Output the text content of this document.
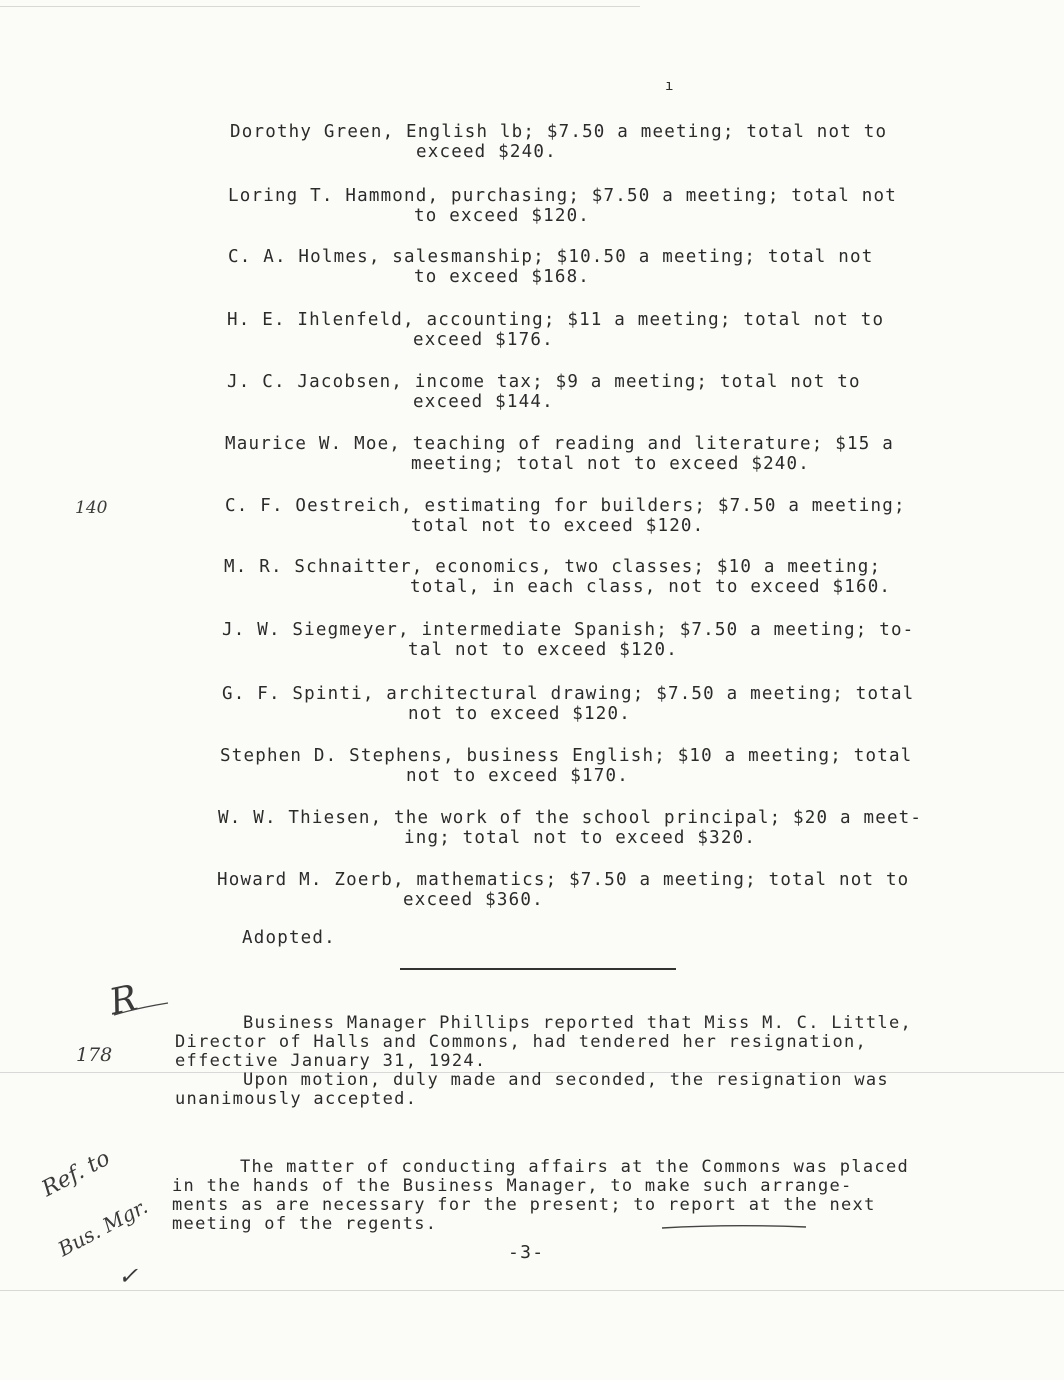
ı
Dorothy Green, English lb; $7.50 a meeting; total not to
exceed $240.
Loring T. Hammond, purchasing; $7.50 a meeting; total not
to exceed $120.
C. A. Holmes, salesmanship; $10.50 a meeting; total not
to exceed $168.
H. E. Ihlenfeld, accounting; $11 a meeting; total not to
exceed $176.
J. C. Jacobsen, income tax; $9 a meeting; total not to
exceed $144.
Maurice W. Moe, teaching of reading and literature; $15 a
meeting; total not to exceed $240.
C. F. Oestreich, estimating for builders; $7.50 a meeting;
total not to exceed $120.
M. R. Schnaitter, economics, two classes; $10 a meeting;
total, in each class, not to exceed $160.
J. W. Siegmeyer, intermediate Spanish; $7.50 a meeting; to-
tal not to exceed $120.
G. F. Spinti, architectural drawing; $7.50 a meeting; total
not to exceed $120.
Stephen D. Stephens, business English; $10 a meeting; total
not to exceed $170.
W. W. Thiesen, the work of the school principal; $20 a meet-
ing; total not to exceed $320.
Howard M. Zoerb, mathematics; $7.50 a meeting; total not to
exceed $360.
Adopted.
Business Manager Phillips reported that Miss M. C. Little,
Director of Halls and Commons, had tendered her resignation,
effective January 31, 1924.
Upon motion, duly made and seconded, the resignation was
unanimously accepted.
The matter of conducting affairs at the Commons was placed
in the hands of the Business Manager, to make such arrange-
ments as are necessary for the present; to report at the next
meeting of the regents.
-3-
140
R
178
Ref. to
Bus. Mgr.
✓
